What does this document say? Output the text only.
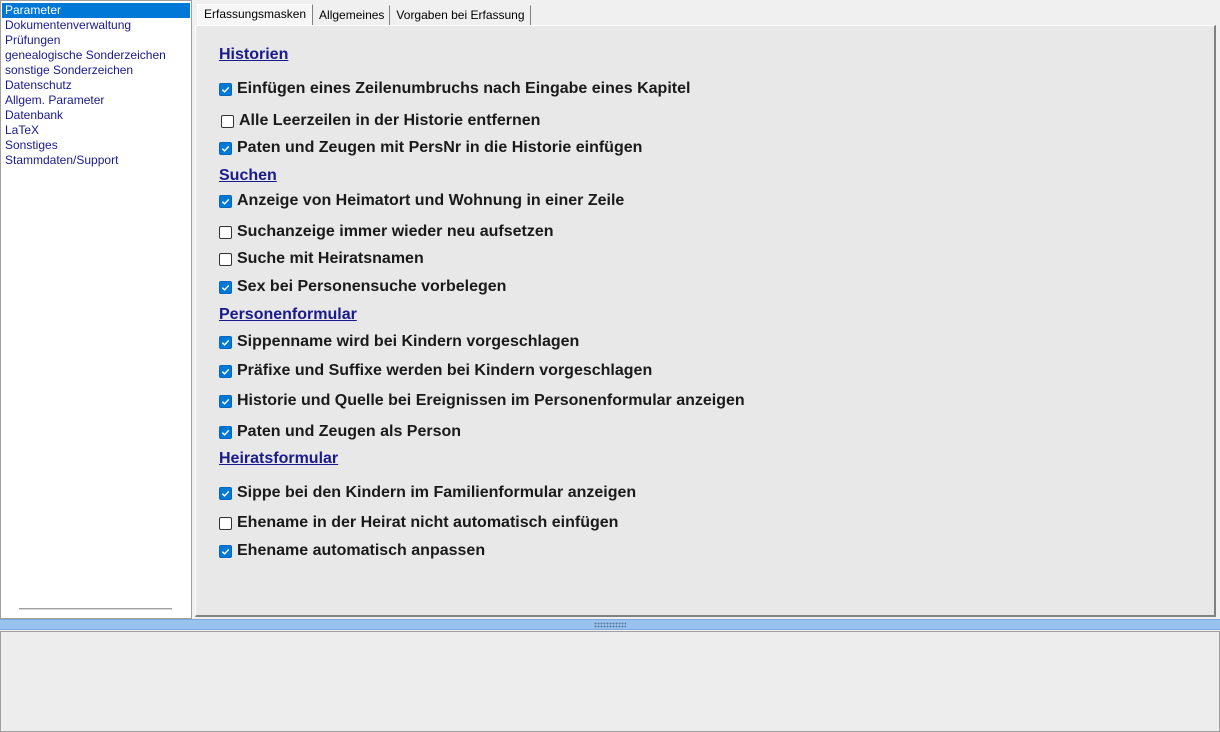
Parameter
Dokumentenverwaltung
Prüfungen
genealogische Sonderzeichen
sonstige Sonderzeichen
Datenschutz
Allgem. Parameter
Datenbank
LaTeX
Sonstiges
Stammdaten/Support
Erfassungsmasken	Allgemeines	Vorgaben bei Erfassung
Historien
Einfügen eines Zeilenumbruchs nach Eingabe eines Kapitel
Alle Leerzeilen in der Historie entfernen
Paten und Zeugen mit PersNr in die Historie einfügen
Suchen
Anzeige von Heimatort und Wohnung in einer Zeile
Suchanzeige immer wieder neu aufsetzen
Suche mit Heiratsnamen
Sex bei Personensuche vorbelegen
Personenformular
Sippenname wird bei Kindern vorgeschlagen
Präfixe und Suffixe werden bei Kindern vorgeschlagen
Historie und Quelle bei Ereignissen im Personenformular anzeigen
Paten und Zeugen als Person
Heiratsformular
Sippe bei den Kindern im Familienformular anzeigen
Ehename in der Heirat nicht automatisch einfügen
Ehename automatisch anpassen
